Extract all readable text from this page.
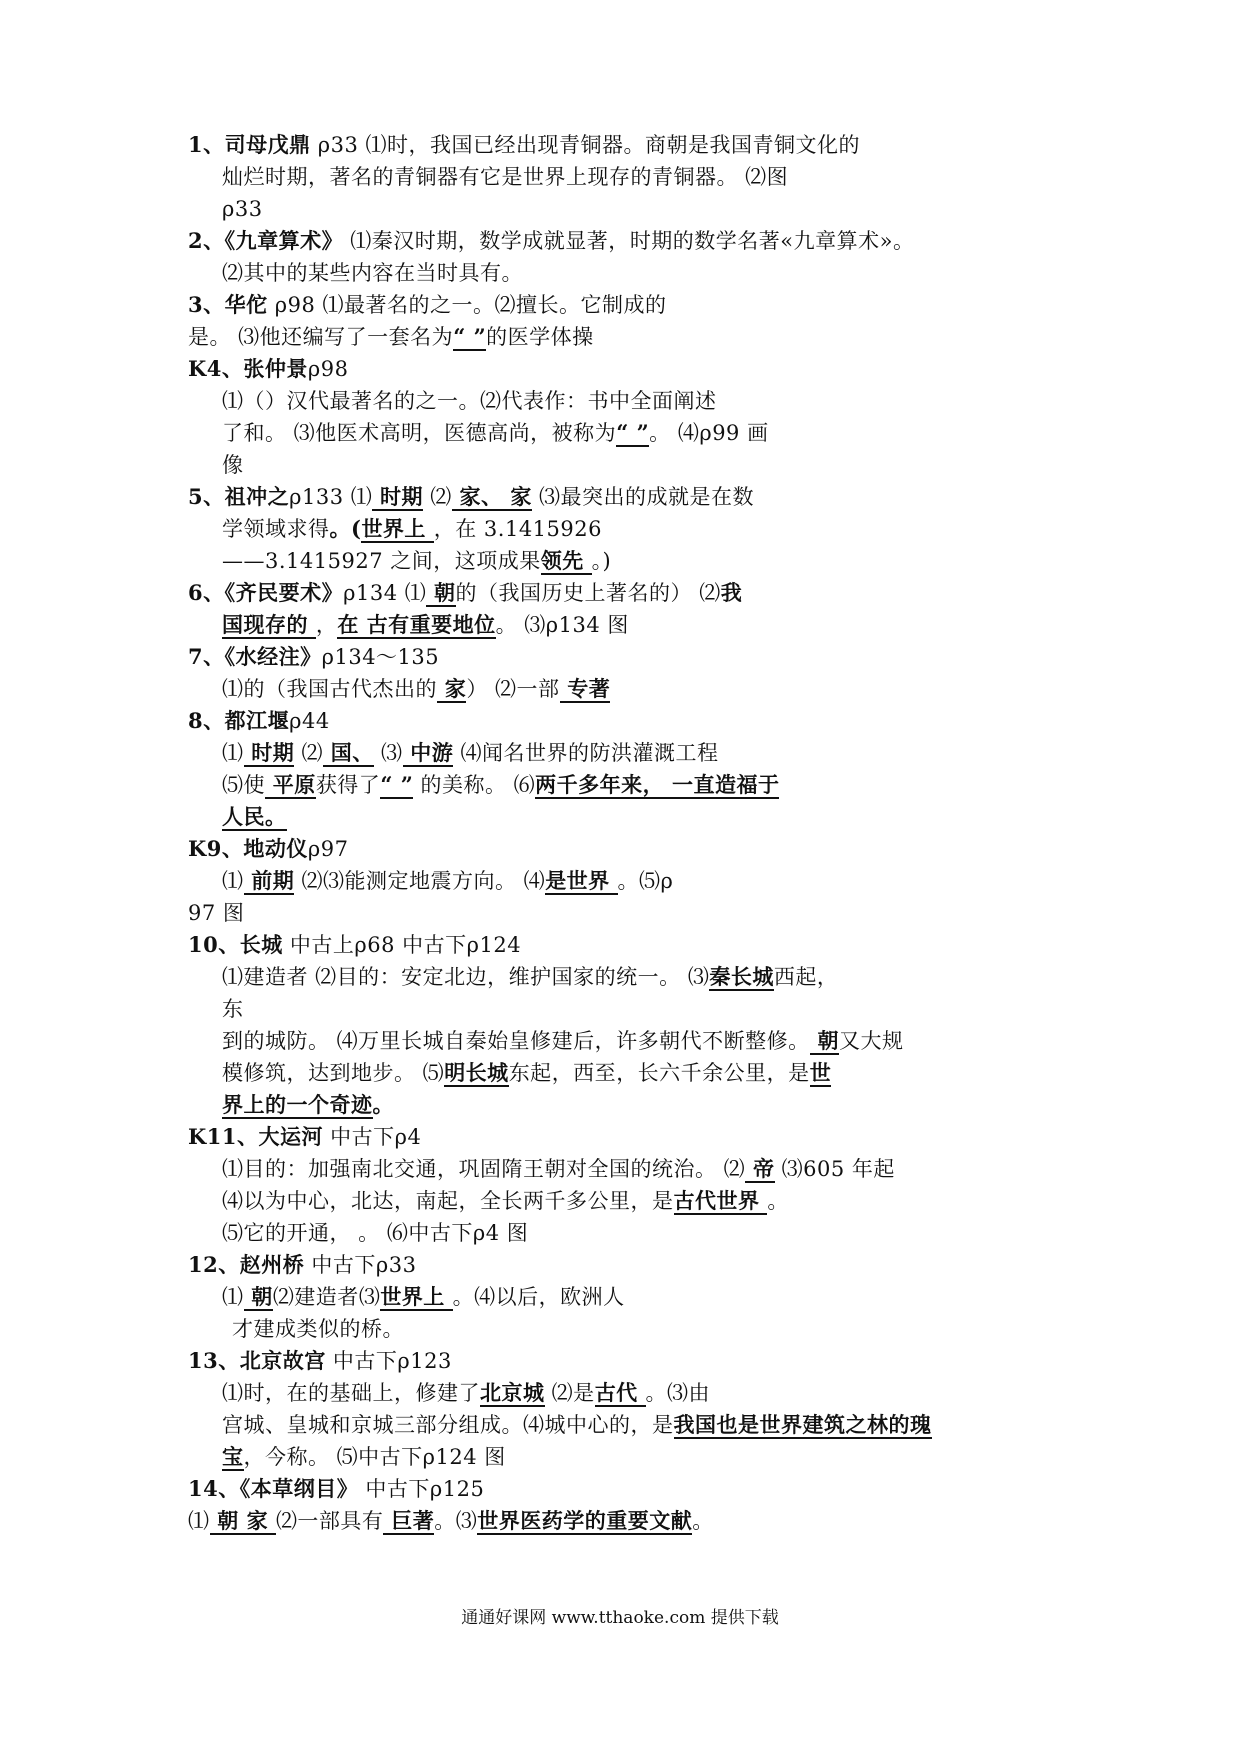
1、司母戊鼎 ρ33 ⑴时，我国已经出现青铜器。商朝是我国青铜文化的
灿烂时期，著名的青铜器有它是世界上现存的青铜器。 ⑵图
ρ33
2、《九章算术》 ⑴秦汉时期，数学成就显著，时期的数学名著«九章算术»。
⑵其中的某些内容在当时具有。
3、华佗 ρ98 ⑴最著名的之一。⑵擅长。它制成的
是。 ⑶他还编写了一套名为“ ”的医学体操
K4、张仲景ρ98
⑴（）汉代最著名的之一。⑵代表作：书中全面阐述
了和。 ⑶他医术高明，医德高尚，被称为“ ”。 ⑷ρ99 画
像
5、祖冲之ρ133 ⑴ 时期 ⑵ 家、 家 ⑶最突出的成就是在数
学领域求得。(世界上 ，在 3.1415926
——3.1415927 之间，这项成果领先 。)
6、《齐民要术》ρ134 ⑴ 朝的（我国历史上著名的） ⑵我
国现存的 ，在 古有重要地位。 ⑶ρ134 图
7、《水经注》ρ134～135
⑴的（我国古代杰出的 家） ⑵一部 专著
8、都江堰ρ44
⑴ 时期 ⑵ 国、 ⑶ 中游 ⑷闻名世界的防洪灌溉工程
⑸使 平原获得了“ ” 的美称。 ⑹两千多年来， 一直造福于
人民。
K9、地动仪ρ97
⑴ 前期 ⑵⑶能测定地震方向。 ⑷是世界 。⑸ρ
97 图
10、长城 中古上ρ68 中古下ρ124
⑴建造者 ⑵目的：安定北边，维护国家的统一。 ⑶秦长城西起，
东
到的城防。 ⑷万里长城自秦始皇修建后，许多朝代不断整修。 朝又大规
模修筑，达到地步。 ⑸明长城东起，西至，长六千余公里，是世
界上的一个奇迹。
K11、大运河 中古下ρ4
⑴目的：加强南北交通，巩固隋王朝对全国的统治。 ⑵ 帝 ⑶605 年起
⑷以为中心，北达，南起，全长两千多公里，是古代世界 。
⑸它的开通， 。 ⑹中古下ρ4 图
12、赵州桥 中古下ρ33
⑴ 朝⑵建造者⑶世界上 。⑷以后，欧洲人
才建成类似的桥。
13、北京故宫 中古下ρ123
⑴时，在的基础上，修建了北京城 ⑵是古代 。⑶由
宫城、皇城和京城三部分组成。⑷城中心的，是我国也是世界建筑之林的瑰
宝，今称。 ⑸中古下ρ124 图
14、《本草纲目》 中古下ρ125
⑴ 朝 家 ⑵一部具有 巨著。⑶世界医药学的重要文献。
通通好课网 www.tthaoke.com 提供下载
